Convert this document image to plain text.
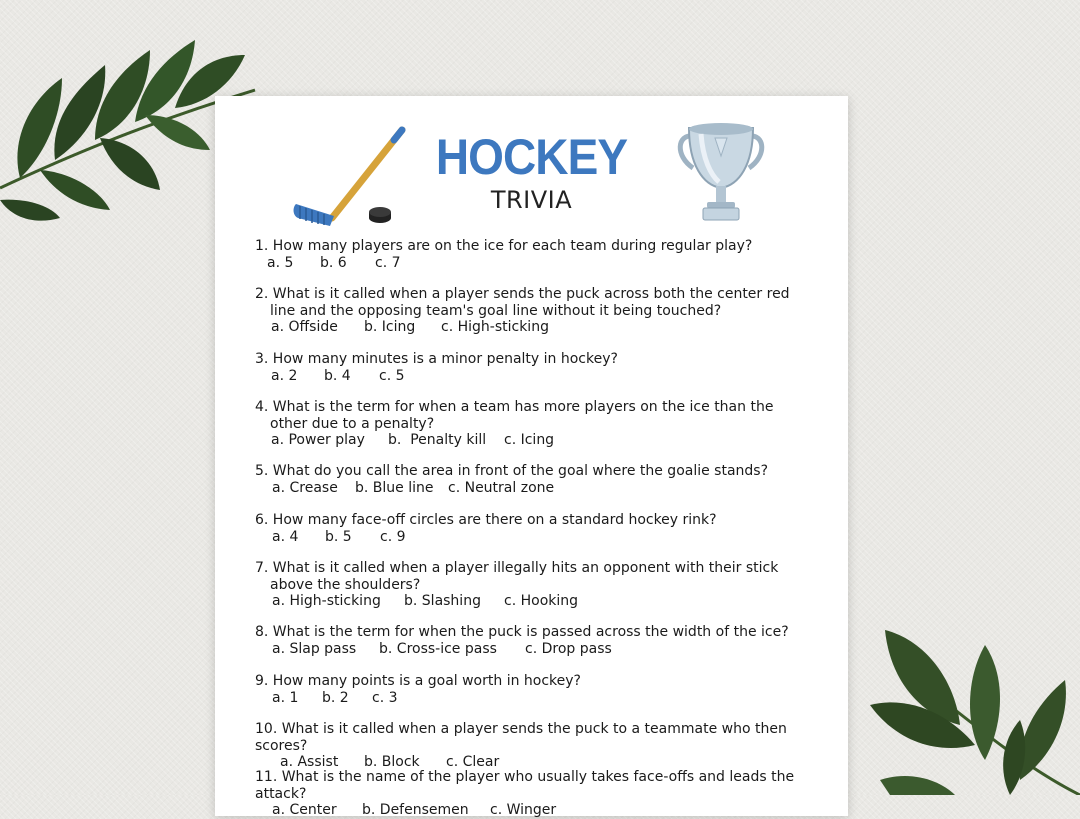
HOCKEY
TRIVIA
1. How many players are on the ice for each team during regular play?
a. 5	b. 6	c. 7
2. What is it called when a player sends the puck across both the center red line and the opposing team's goal line without it being touched?
a. Offside	b. Icing	c. High-sticking
3. How many minutes is a minor penalty in hockey?
a. 2	b. 4	c. 5
4. What is the term for when a team has more players on the ice than the other due to a penalty?
a. Power play	b.  Penalty kill	c. Icing
5. What do you call the area in front of the goal where the goalie stands?
a. Crease	b. Blue line	c. Neutral zone
6. How many face-off circles are there on a standard hockey rink?
a. 4	b. 5	c. 9
7. What is it called when a player illegally hits an opponent with their stick above the shoulders?
a. High-sticking	b. Slashing	c. Hooking
8. What is the term for when the puck is passed across the width of the ice?
a. Slap pass	b. Cross-ice pass	c. Drop pass
9. How many points is a goal worth in hockey?
a. 1	b. 2	c. 3
10. What is it called when a player sends the puck to a teammate who then scores?
a. Assist	b. Block	c. Clear
11. What is the name of the player who usually takes face-offs and leads the attack?
a. Center	b. Defensemen	c. Winger
